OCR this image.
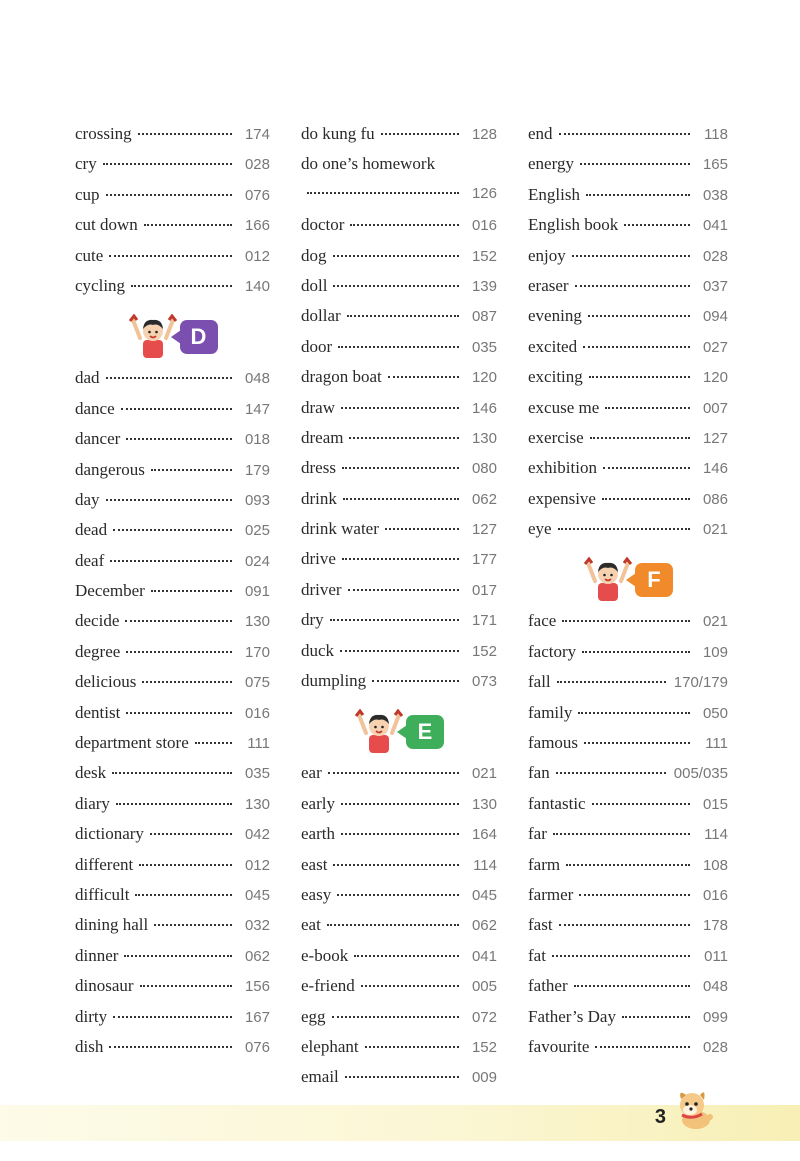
crossing	174
cry	028
cup	076
cut down	166
cute	012
cycling	140
D
dad	048
dance	147
dancer	018
dangerous	179
day	093
dead	025
deaf	024
December	091
decide	130
degree	170
delicious	075
dentist	016
department store	111
desk	035
diary	130
dictionary	042
different	012
difficult	045
dining hall	032
dinner	062
dinosaur	156
dirty	167
dish	076
do kung fu	128
do one’s homework
126
doctor	016
dog	152
doll	139
dollar	087
door	035
dragon boat	120
draw	146
dream	130
dress	080
drink	062
drink water	127
drive	177
driver	017
dry	171
duck	152
dumpling	073
E
ear	021
early	130
earth	164
east	114
easy	045
eat	062
e-book	041
e-friend	005
egg	072
elephant	152
email	009
end	118
energy	165
English	038
English book	041
enjoy	028
eraser	037
evening	094
excited	027
exciting	120
excuse me	007
exercise	127
exhibition	146
expensive	086
eye	021
F
face	021
factory	109
fall	170/179
family	050
famous	111
fan	005/035
fantastic	015
far	114
farm	108
farmer	016
fast	178
fat	011
father	048
Father’s Day	099
favourite	028
3
